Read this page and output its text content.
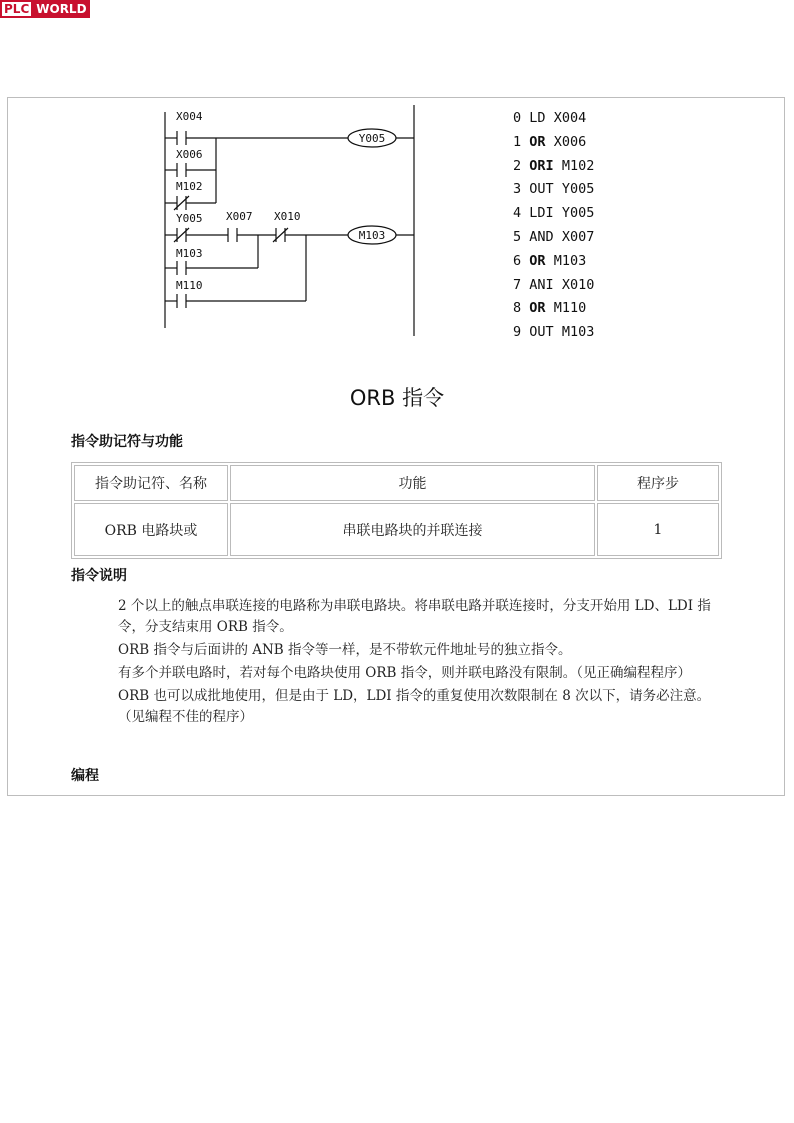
PLC WORLD
X004
X006
M102
Y005 X007 X010
M103
M110
Y005
M103
0 LD X004
1 OR X006
2 ORI M102
3 OUT Y005
4 LDI Y005
5 AND X007
6 OR M103
7 ANI X010
8 OR M110
9 OUT M103
ORB 指令
指令助记符与功能
指令助记符、名称	功能	程序步
ORB 电路块或	串联电路块的并联连接	1
指令说明

2 个以上的触点串联连接的电路称为串联电路块。将串联电路并联连接时，分支开始用 LD、LDI 指令，分支结束用 ORB 指令。

ORB 指令与后面讲的 ANB 指令等一样，是不带软元件地址号的独立指令。

有多个并联电路时，若对每个电路块使用 ORB 指令，则并联电路没有限制。（见正确编程程序）

ORB 也可以成批地使用，但是由于 LD，LDI 指令的重复使用次数限制在 8 次以下，请务必注意。（见编程不佳的程序）

编程
